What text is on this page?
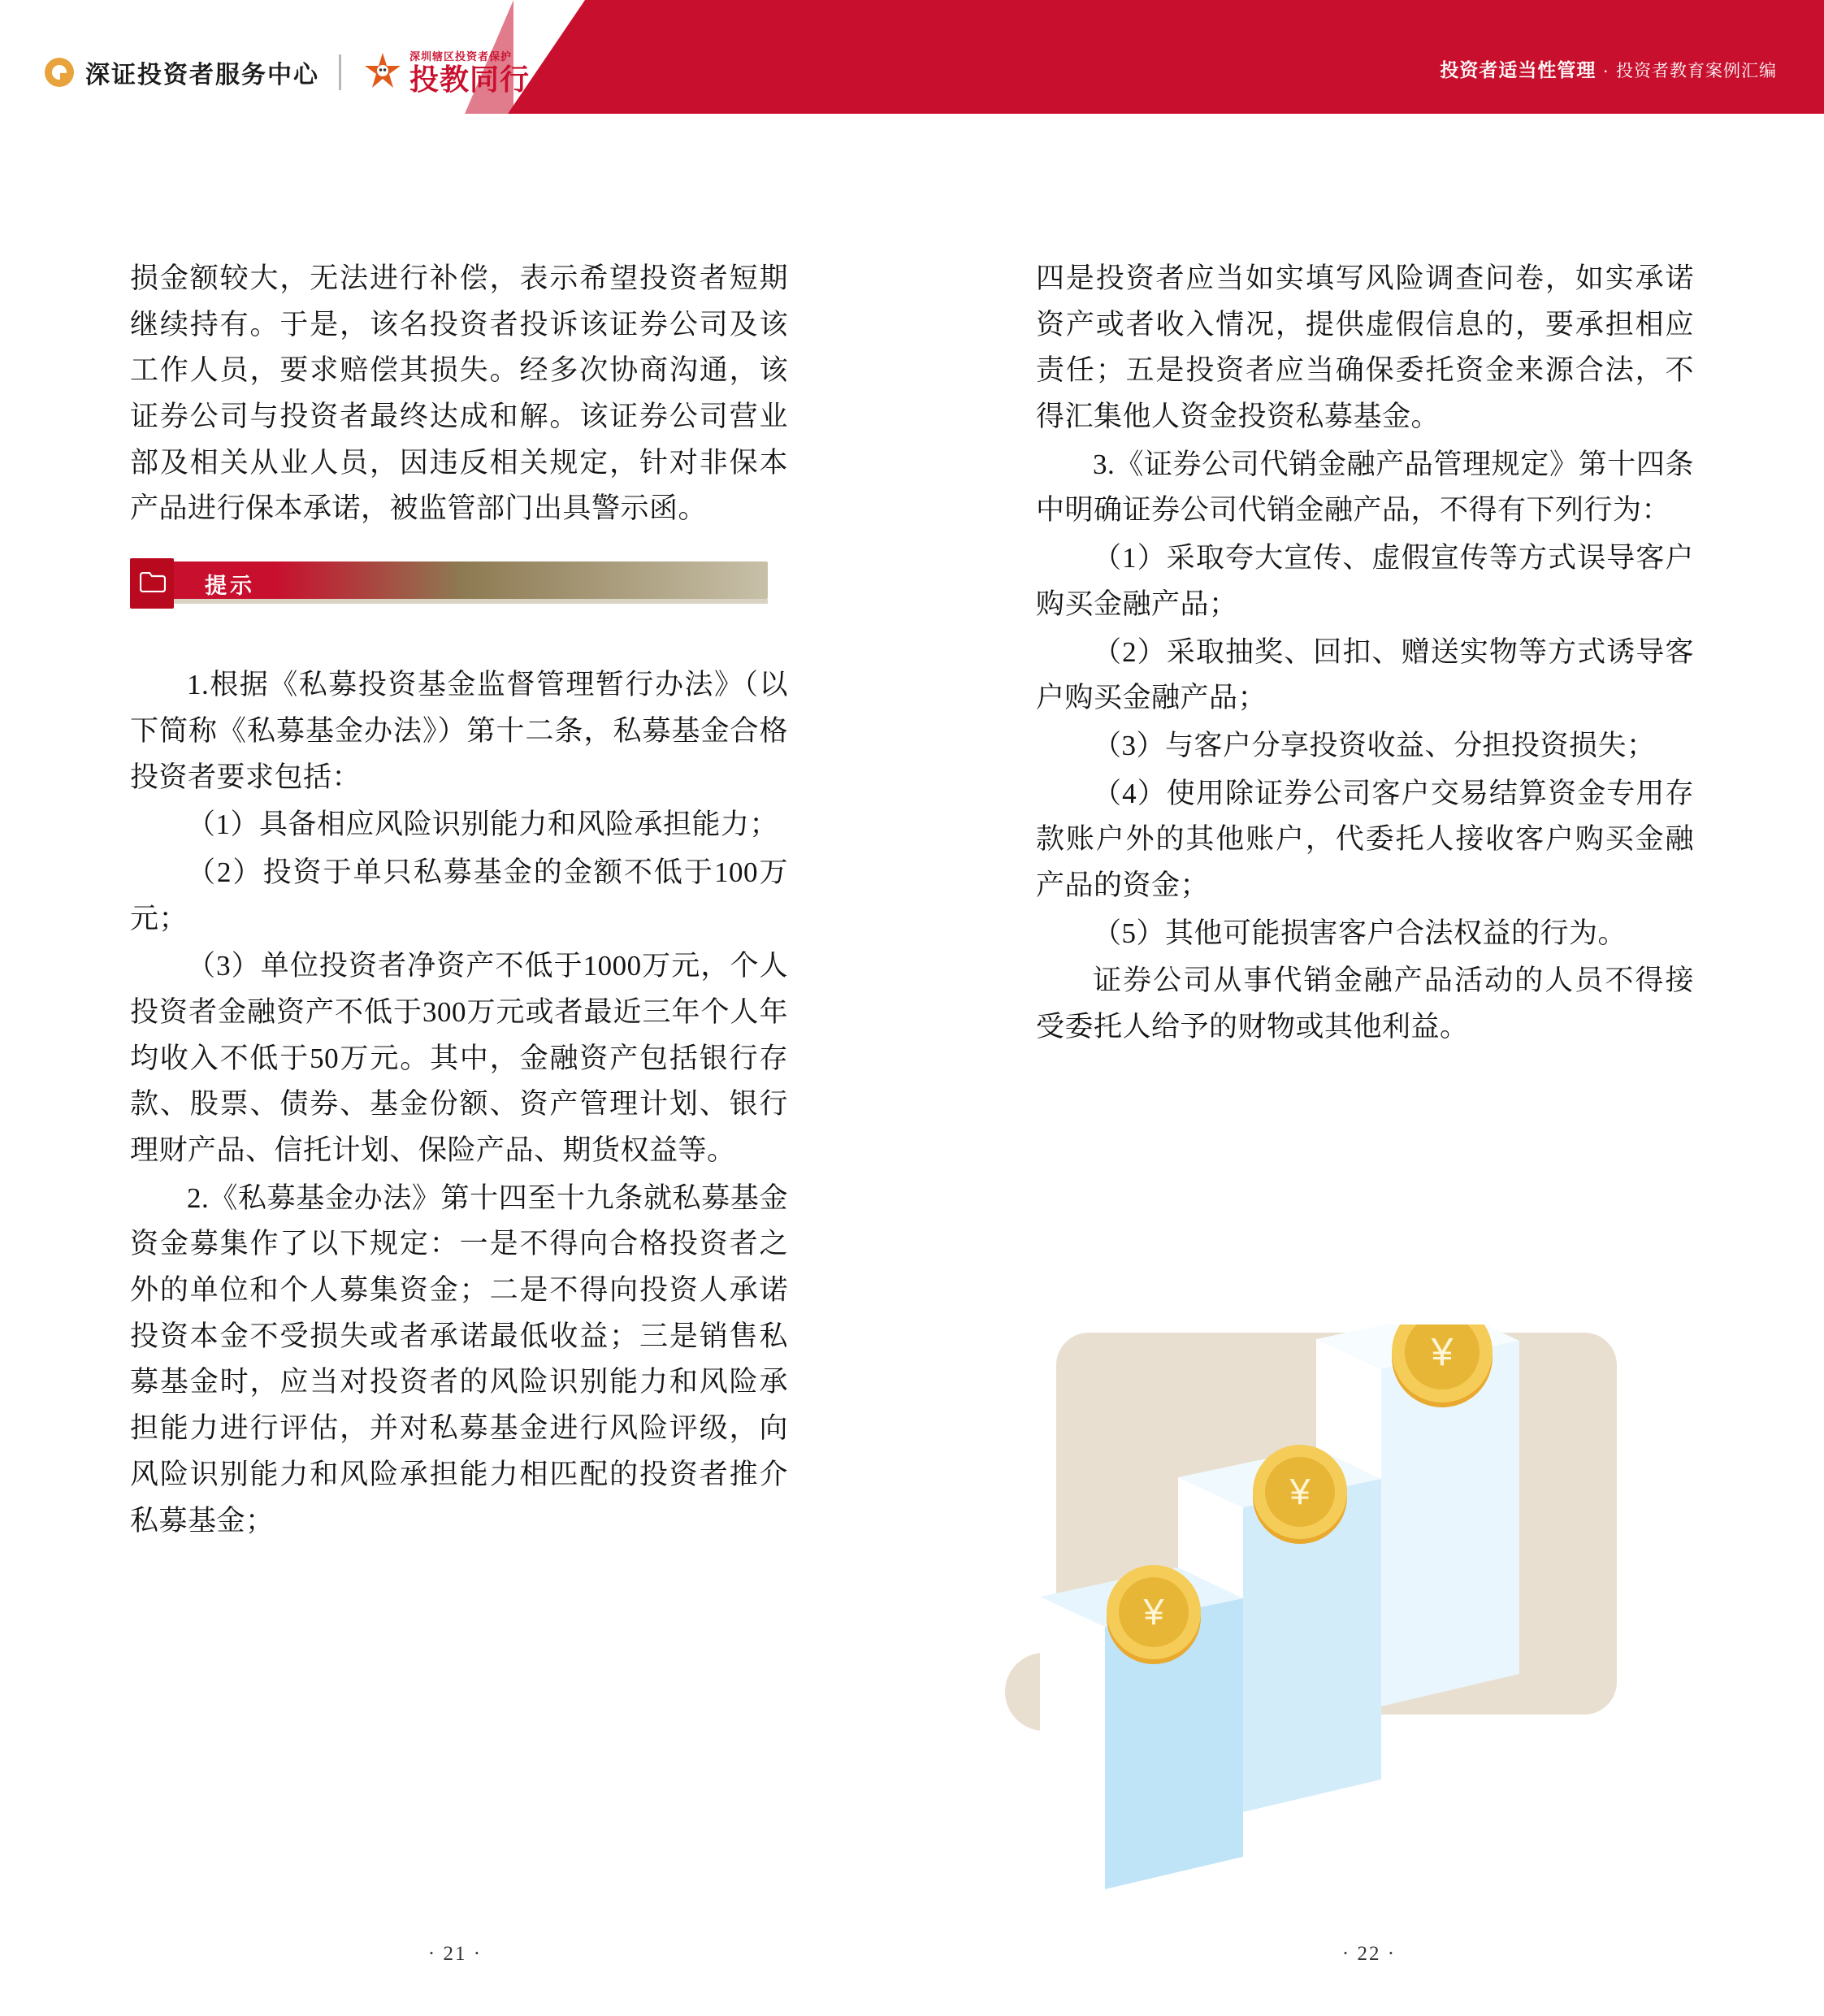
深证投资者服务中心
深圳辖区投资者保护
投教同行	投资者适当性管理 · 投资者教育案例汇编

损金额较大，无法进行补偿，表示希望投资者短期继续持有。于是，该名投资者投诉该证券公司及该工作人员，要求赔偿其损失。经多次协商沟通，该证券公司与投资者最终达成和解。该证券公司营业部及相关从业人员，因违反相关规定，针对非保本产品进行保本承诺，被监管部门出具警示函。

提示

1.根据《私募投资基金监督管理暂行办法》（以下简称《私募基金办法》）第十二条，私募基金合格投资者要求包括：

（1）具备相应风险识别能力和风险承担能力；

（2）投资于单只私募基金的金额不低于100万元；

（3）单位投资者净资产不低于1000万元，个人投资者金融资产不低于300万元或者最近三年个人年均收入不低于50万元。其中，金融资产包括银行存款、股票、债券、基金份额、资产管理计划、银行理财产品、信托计划、保险产品、期货权益等。

2.《私募基金办法》第十四至十九条就私募基金资金募集作了以下规定：一是不得向合格投资者之外的单位和个人募集资金；二是不得向投资人承诺投资本金不受损失或者承诺最低收益；三是销售私募基金时，应当对投资者的风险识别能力和风险承担能力进行评估，并对私募基金进行风险评级，向风险识别能力和风险承担能力相匹配的投资者推介私募基金；

四是投资者应当如实填写风险调查问卷，如实承诺资产或者收入情况，提供虚假信息的，要承担相应责任；五是投资者应当确保委托资金来源合法，不得汇集他人资金投资私募基金。

3.《证券公司代销金融产品管理规定》第十四条中明确证券公司代销金融产品，不得有下列行为：

（1）采取夸大宣传、虚假宣传等方式误导客户购买金融产品；

（2）采取抽奖、回扣、赠送实物等方式诱导客户购买金融产品；

（3）与客户分享投资收益、分担投资损失；

（4）使用除证券公司客户交易结算资金专用存款账户外的其他账户，代委托人接收客户购买金融产品的资金；

（5）其他可能损害客户合法权益的行为。

证券公司从事代销金融产品活动的人员不得接受委托人给予的财物或其他利益。

¥
¥
¥
· 21 ·	· 22 ·
